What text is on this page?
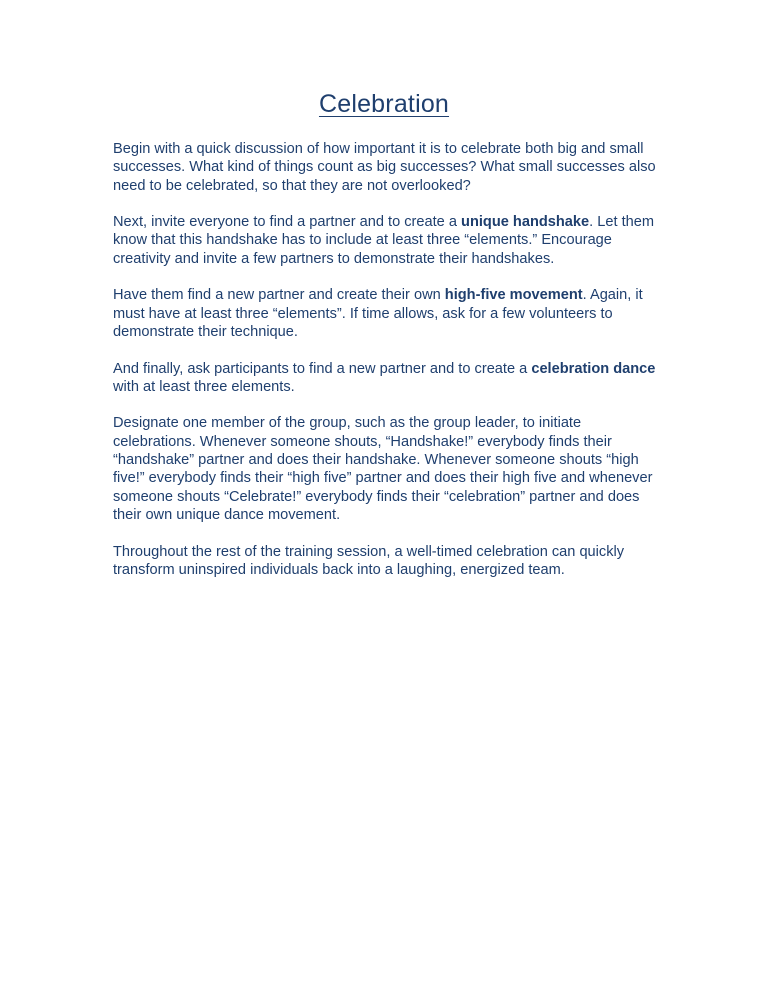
Celebration

Begin with a quick discussion of how important it is to celebrate both big and small successes. What kind of things count as big successes? What small successes also need to be celebrated, so that they are not overlooked?

Next, invite everyone to find a partner and to create a unique handshake. Let them know that this handshake has to include at least three “elements.” Encourage creativity and invite a few partners to demonstrate their handshakes.

Have them find a new partner and create their own high-five movement. Again, it must have at least three “elements”. If time allows, ask for a few volunteers to demonstrate their technique.

And finally, ask participants to find a new partner and to create a celebration dance with at least three elements.

Designate one member of the group, such as the group leader, to initiate celebrations. Whenever someone shouts, “Handshake!” everybody finds their “handshake” partner and does their handshake. Whenever someone shouts “high five!” everybody finds their “high five” partner and does their high five and whenever someone shouts “Celebrate!” everybody finds their “celebration” partner and does their own unique dance movement.

Throughout the rest of the training session, a well-timed celebration can quickly transform uninspired individuals back into a laughing, energized team.
